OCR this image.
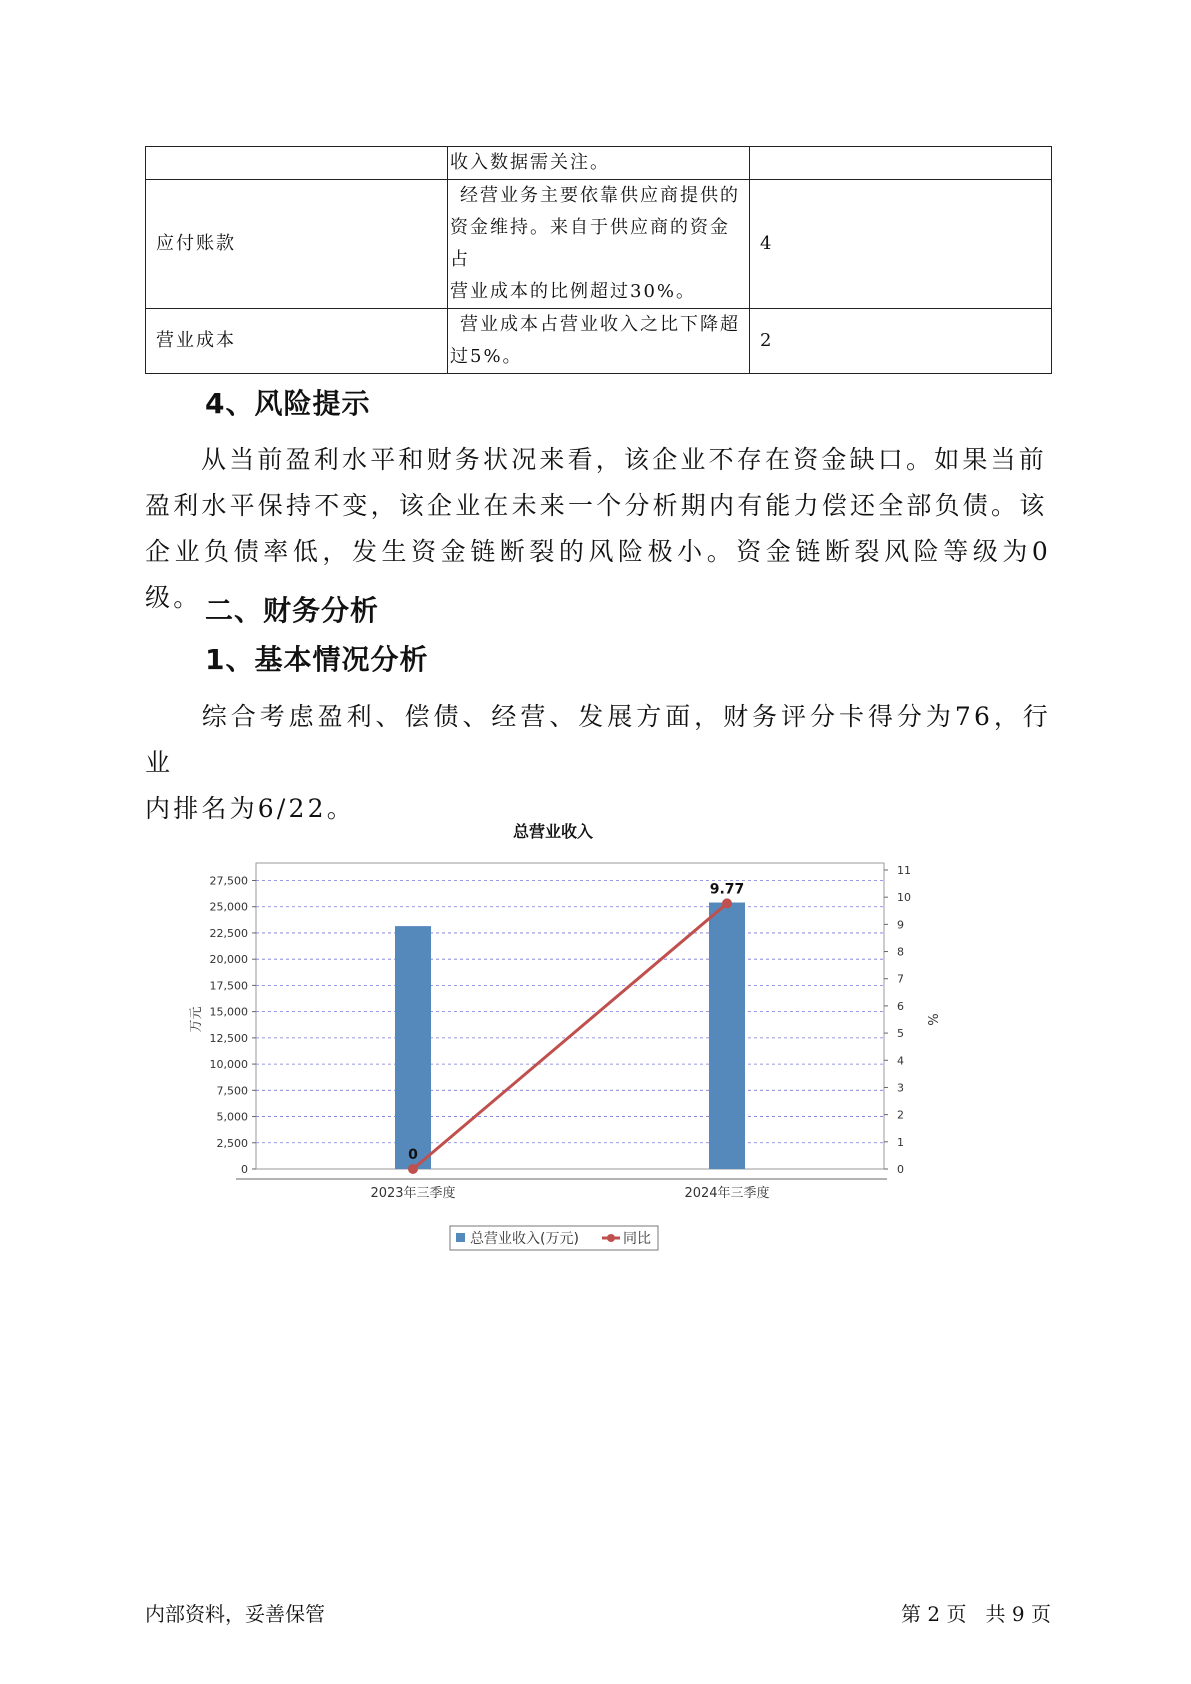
	收入数据需关注。	
应付账款	经营业务主要依靠供应商提供的
资金维持。来自于供应商的资金占
营业成本的比例超过30%。	4
营业成本	营业成本占营业收入之比下降超
过5%。	2
4、风险提示
从当前盈利水平和财务状况来看，该企业不存在资金缺口。如果当前
盈利水平保持不变，该企业在未来一个分析期内有能力偿还全部负债。该
企业负债率低，发生资金链断裂的风险极小。资金链断裂风险等级为0级。 二、财务分析
1、基本情况分析
综合考虑盈利、偿债、经营、发展方面，财务评分卡得分为76，行业
内排名为6/22。
总营业收入
0
2,500
5,000
7,500
10,000
12,500
15,000
17,500
20,000
22,500
25,000
27,500
0
1
2
3
4
5
6
7
8
9
10
11
万元	%
2023年三季度	2024年三季度
0
9.77
总营业收入(万元)	同比
内部资料，妥善保管	第 2 页   共 9 页
